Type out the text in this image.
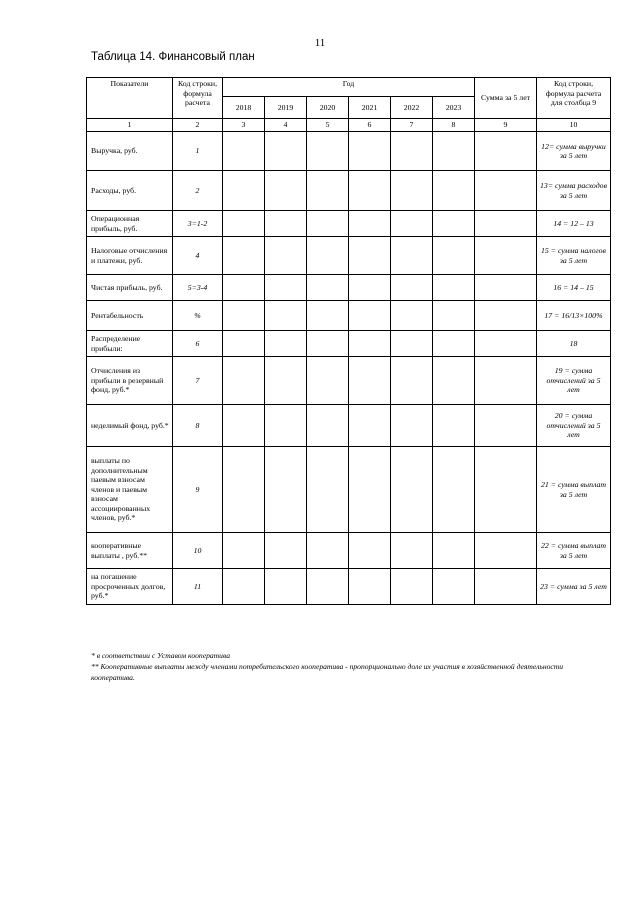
11
Таблица 14. Финансовый план
Показатели	Код строки, формула расчета	Год						Сумма за 5 лет	Код строки, формула расчета для столбца 9
		2018	2019	2020	2021	2022	2023		
1	2	3	4	5	6	7	8	9	10
Выручка, руб.	1								12= сумма выручки за 5 лет
Расходы, руб.	2								13= сумма расходов за 5 лет
Операционная прибыль, руб.	3=1-2								14 = 12 – 13
Налоговые отчисления и платежи, руб.	4								15 = сумма налогов за 5 лет
Чистая прибыль, руб.	5=3-4								16 = 14 – 15
Рентабельность	%								17 = 16/13×100%
Распределение прибыли:	6								18
Отчисления из прибыли в резервный фонд, руб.*	7								19 = сумма отчислений за 5 лет
неделимый фонд, руб.*	8								20 = сумма отчислений за 5 лет
выплаты по дополнительным паевым взносам членов и паевым взносам ассоциированных членов, руб.*	9								21 = сумма выплат за 5 лет
кооперативные выплаты , руб.**	10								22 = сумма выплат за 5 лет
на погашение просроченных долгов, руб.*	11								23 = сумма за 5 лет

* в соответствии с Уставом кооператива

** Кооперативные выплаты между членами потребительского кооператива - пропорционально доле их участия в хозяйственной деятельности кооператива.
